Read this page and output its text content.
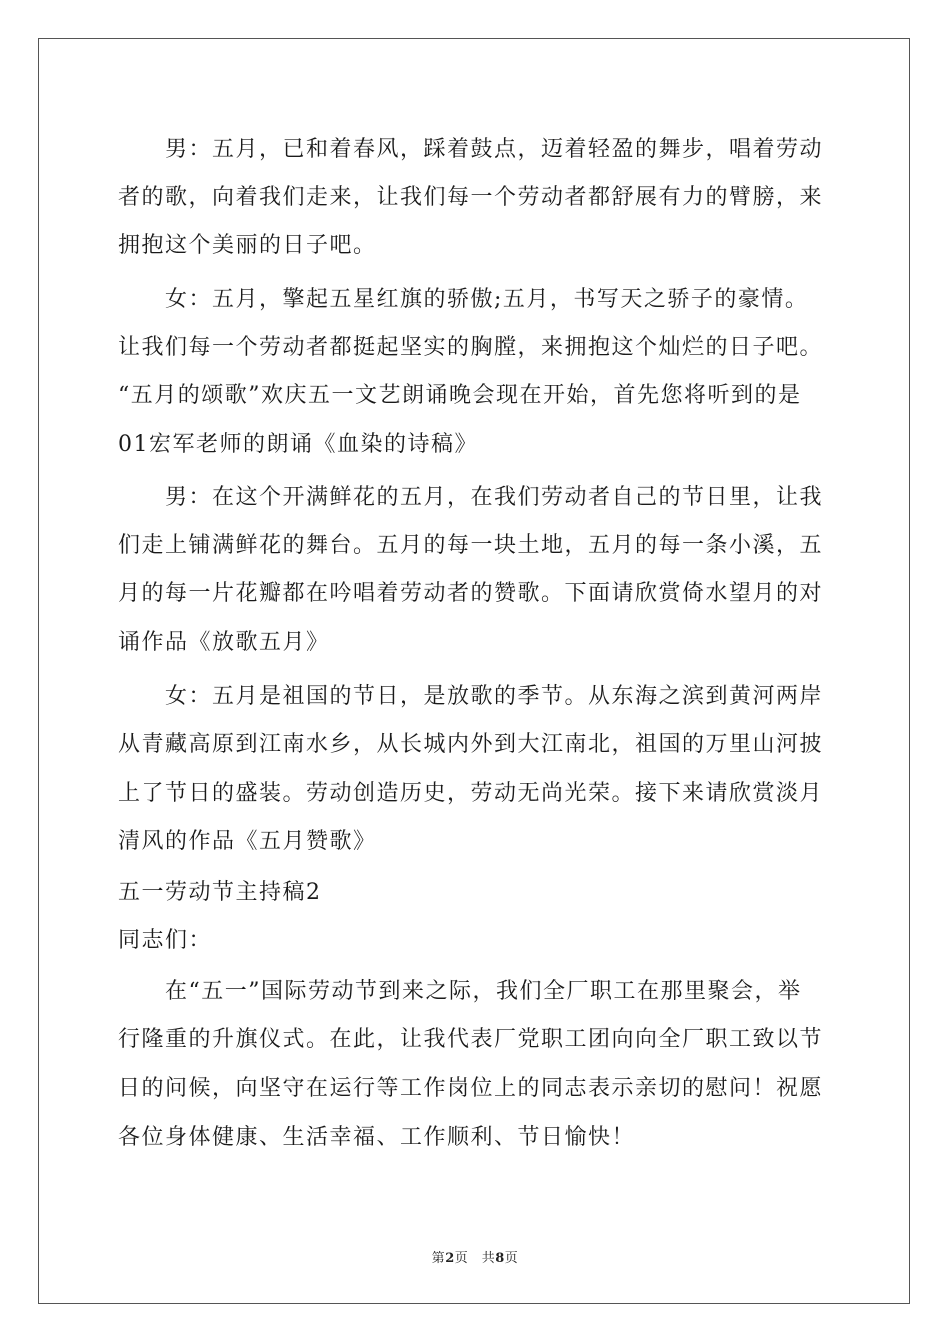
　　男：五月，已和着春风，踩着鼓点，迈着轻盈的舞步，唱着劳动
者的歌，向着我们走来，让我们每一个劳动者都舒展有力的臂膀，来
拥抱这个美丽的日子吧。
　　女：五月，擎起五星红旗的骄傲;五月，书写天之骄子的豪情。
让我们每一个劳动者都挺起坚实的胸膛，来拥抱这个灿烂的日子吧。
“五月的颂歌”欢庆五一文艺朗诵晚会现在开始，首先您将听到的是
01宏军老师的朗诵《血染的诗稿》
　　男：在这个开满鲜花的五月，在我们劳动者自己的节日里，让我
们走上铺满鲜花的舞台。五月的每一块土地，五月的每一条小溪，五
月的每一片花瓣都在吟唱着劳动者的赞歌。下面请欣赏倚水望月的对
诵作品《放歌五月》
　　女：五月是祖国的节日，是放歌的季节。从东海之滨到黄河两岸
从青藏高原到江南水乡，从长城内外到大江南北，祖国的万里山河披
上了节日的盛装。劳动创造历史，劳动无尚光荣。接下来请欣赏淡月
清风的作品《五月赞歌》
五一劳动节主持稿2
同志们：
　　在“五一”国际劳动节到来之际，我们全厂职工在那里聚会，举
行隆重的升旗仪式。在此，让我代表厂党职工团向向全厂职工致以节
日的问候，向坚守在运行等工作岗位上的同志表示亲切的慰问！祝愿
各位身体健康、生活幸福、工作顺利、节日愉快！
第2页　共8页
